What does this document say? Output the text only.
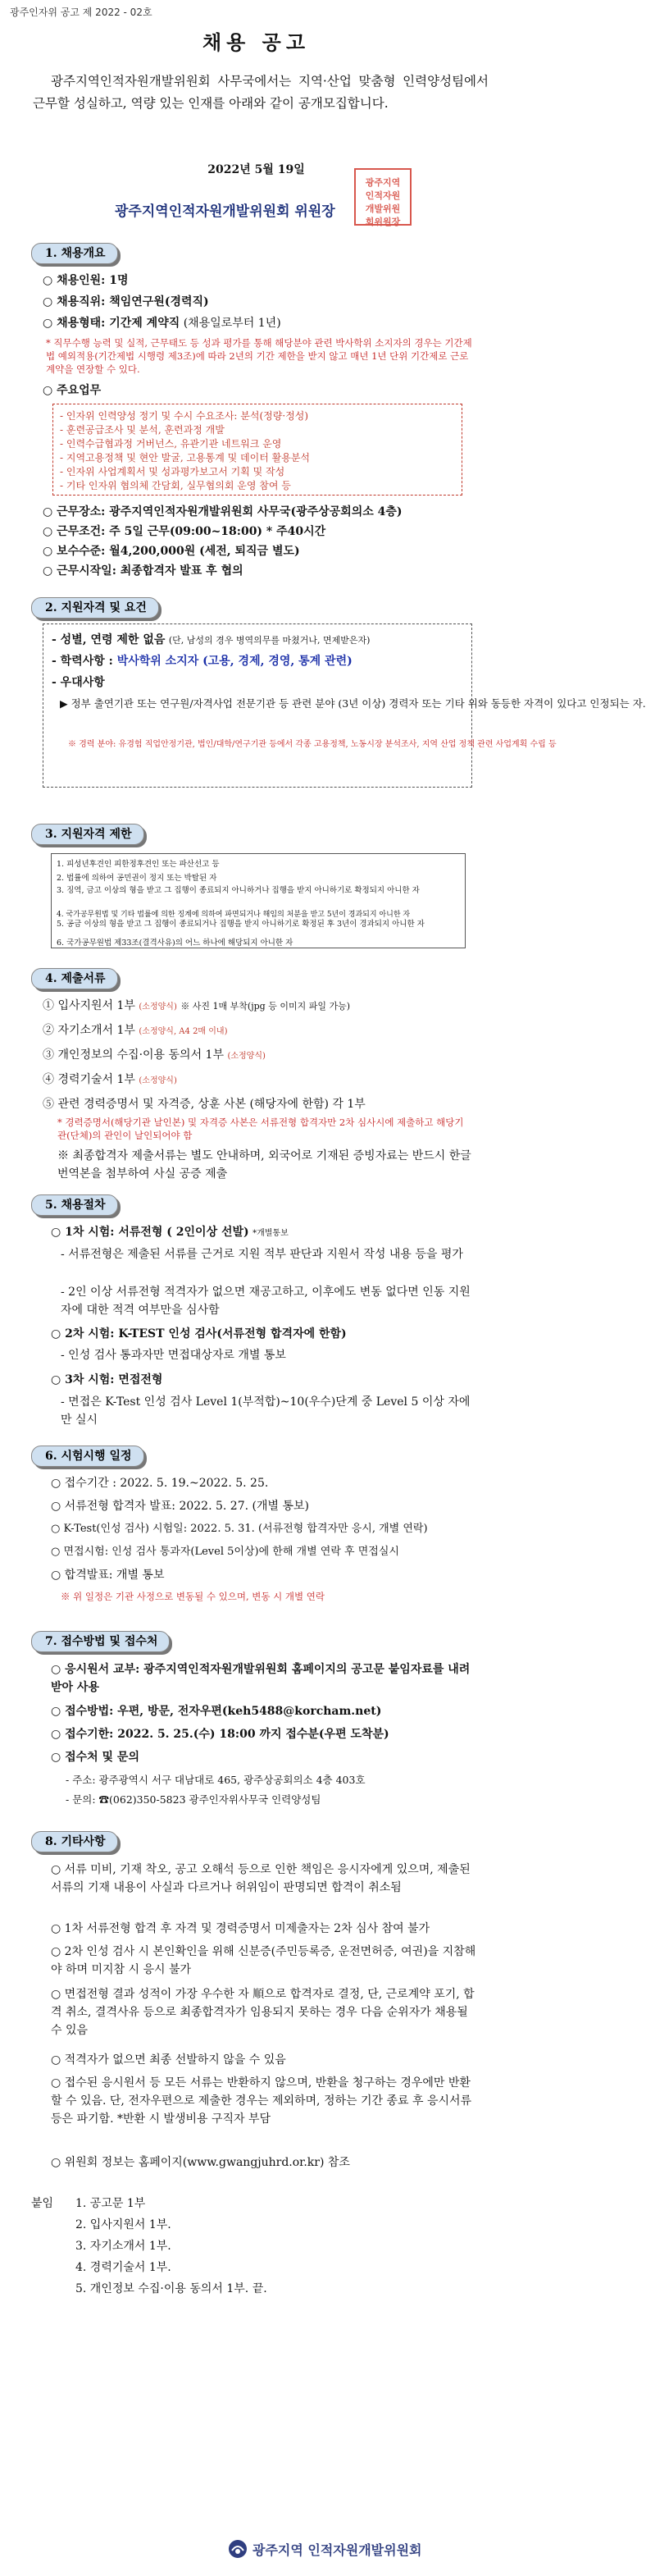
광주인자위 공고 제 2022 - 02호
채용 공고
광주지역인적자원개발위원회 사무국에서는 지역·산업 맞춤형 인력양성팀에서 근무할 성실하고, 역량 있는 인재를 아래와 같이 공개모집합니다.
2022년 5월 19일
광주지역인적자원개발위원회 위원장
광주지역
인적자원
개발위원
회위원장
1. 채용개요
○ 채용인원: 1명
○ 채용직위: 책임연구원(경력직)
○ 채용형태: 기간제 계약직 (채용일로부터 1년)
* 직무수행 능력 및 실적, 근무태도 등 성과 평가를 통해 해당분야 관련 박사학위 소지자의 경우는 기간제법 예외적용(기간제법 시행령 제3조)에 따라 2년의 기간 제한을 받지 않고 매년 1년 단위 기간제로 근로계약을 연장할 수 있다.
○ 주요업무
- 인자위 인력양성 정기 및 수시 수요조사: 분석(정량·정성)
- 훈련공급조사 및 분석, 훈련과정 개발
- 인력수급협과정 거버넌스, 유관기관 네트워크 운영
- 지역고용정책 및 현안 발굴, 고용통계 및 데이터 활용분석
- 인자위 사업계획서 및 성과평가보고서 기획 및 작성
- 기타 인자위 협의체 간담회, 실무협의회 운영 참여 등
○ 근무장소: 광주지역인적자원개발위원회 사무국(광주상공회의소 4층)
○ 근무조건: 주 5일 근무(09:00~18:00) * 주40시간
○ 보수수준: 월4,200,000원 (세전, 퇴직금 별도)
○ 근무시작일: 최종합격자 발표 후 협의
2. 지원자격 및 요건
- 성별, 연령 제한 없음 (단, 남성의 경우 병역의무를 마쳤거나, 면제받은자)
- 학력사항 : 박사학위 소지자 (고용, 경제, 경영, 통계 관련)
- 우대사항
▶ 정부 출연기관 또는 연구원/자격사업 전문기관 등 관련 분야 (3년 이상) 경력자 또는 기타 위와 동등한 자격이 있다고 인정되는 자.
※ 경력 분야: 유경험 직업안정기관, 법인/대학/연구기관 등에서 각종 고용정책, 노동시장 분석조사, 지역 산업 정책 관련 사업계획 수립 등
3. 지원자격 제한
1. 피성년후견인 피한정후견인 또는 파산선고 등
2. 법률에 의하여 공민권이 정지 또는 박탈된 자
3. 징역, 금고 이상의 형을 받고 그 집행이 종료되지 아니하거나 집행을 받지 아니하기로 확정되지 아니한 자
4. 국가공무원법 및 기타 법률에 의한 징계에 의하여 파면되거나 해임의 처분을 받고 5년이 경과되지 아니한 자
5. 공금 이상의 형을 받고 그 집행이 종료되거나 집행을 받지 아니하기로 확정된 후 3년이 경과되지 아니한 자
6. 국가공무원법 제33조(결격사유)의 어느 하나에 해당되지 아니한 자
4. 제출서류
① 입사지원서 1부 (소정양식) ※ 사진 1매 부착(jpg 등 이미지 파일 가능)
② 자기소개서 1부 (소정양식, A4 2매 이내)
③ 개인정보의 수집·이용 동의서 1부 (소정양식)
④ 경력기술서 1부 (소정양식)
⑤ 관련 경력증명서 및 자격증, 상훈 사본 (해당자에 한함) 각 1부
* 경력증명서(해당기관 날인본) 및 자격증 사본은 서류전형 합격자만 2차 심사시에 제출하고 해당기관(단체)의 관인이 날인되어야 함
※ 최종합격자 제출서류는 별도 안내하며, 외국어로 기재된 증빙자료는 반드시 한글 번역본을 첨부하여 사실 공증 제출
5. 채용절차
○ 1차 시험: 서류전형 ( 2인이상 선발) *개별통보
- 서류전형은 제출된 서류를 근거로 지원 적부 판단과 지원서 작성 내용 등을 평가
- 2인 이상 서류전형 적격자가 없으면 재공고하고, 이후에도 변동 없다면 인동 지원자에 대한 적격 여부만을 심사함
○ 2차 시험: K-TEST 인성 검사(서류전형 합격자에 한함)
- 인성 검사 통과자만 면접대상자로 개별 통보
○ 3차 시험: 면접전형
- 면접은 K-Test 인성 검사 Level 1(부적합)~10(우수)단계 중 Level 5 이상 자에만 실시
6. 시험시행 일정
○ 접수기간 : 2022. 5. 19.~2022. 5. 25.
○ 서류전형 합격자 발표: 2022. 5. 27. (개별 통보)
○ K-Test(인성 검사) 시험일: 2022. 5. 31. (서류전형 합격자만 응시, 개별 연락)
○ 면접시험: 인성 검사 통과자(Level 5이상)에 한해 개별 연락 후 면접실시
○ 합격발표: 개별 통보
※ 위 일정은 기관 사정으로 변동될 수 있으며, 변동 시 개별 연락
7. 접수방법 및 접수처
○ 응시원서 교부: 광주지역인적자원개발위원회 홈페이지의 공고문 붙임자료를 내려받아 사용
○ 접수방법: 우편, 방문, 전자우편(keh5488@korcham.net)
○ 접수기한: 2022. 5. 25.(수) 18:00 까지 접수분(우편 도착분)
○ 접수처 및 문의
- 주소: 광주광역시 서구 대남대로 465, 광주상공회의소 4층 403호
- 문의: ☎(062)350-5823 광주인자위사무국 인력양성팀
8. 기타사항
○ 서류 미비, 기재 착오, 공고 오해석 등으로 인한 책임은 응시자에게 있으며, 제출된 서류의 기재 내용이 사실과 다르거나 허위임이 판명되면 합격이 취소됨
○ 1차 서류전형 합격 후 자격 및 경력증명서 미제출자는 2차 심사 참여 불가
○ 2차 인성 검사 시 본인확인을 위해 신분증(주민등록증, 운전면허증, 여권)을 지참해야 하며 미지참 시 응시 불가
○ 면접전형 결과 성적이 가장 우수한 자 順으로 합격자로 결정, 단, 근로계약 포기, 합격 취소, 결격사유 등으로 최종합격자가 임용되지 못하는 경우 다음 순위자가 채용될 수 있음
○ 적격자가 없으면 최종 선발하지 않을 수 있음
○ 접수된 응시원서 등 모든 서류는 반환하지 않으며, 반환을 청구하는 경우에만 반환할 수 있음. 단, 전자우편으로 제출한 경우는 제외하며, 정하는 기간 종료 후 응시서류 등은 파기함. *반환 시 발생비용 구직자 부담
○ 위원회 정보는 홈페이지(www.gwangjuhrd.or.kr) 참조
붙임 1. 공고문 1부
2. 입사지원서 1부.
3. 자기소개서 1부.
4. 경력기술서 1부.
5. 개인정보 수집·이용 동의서 1부. 끝.
광주지역 인적자원개발위원회
